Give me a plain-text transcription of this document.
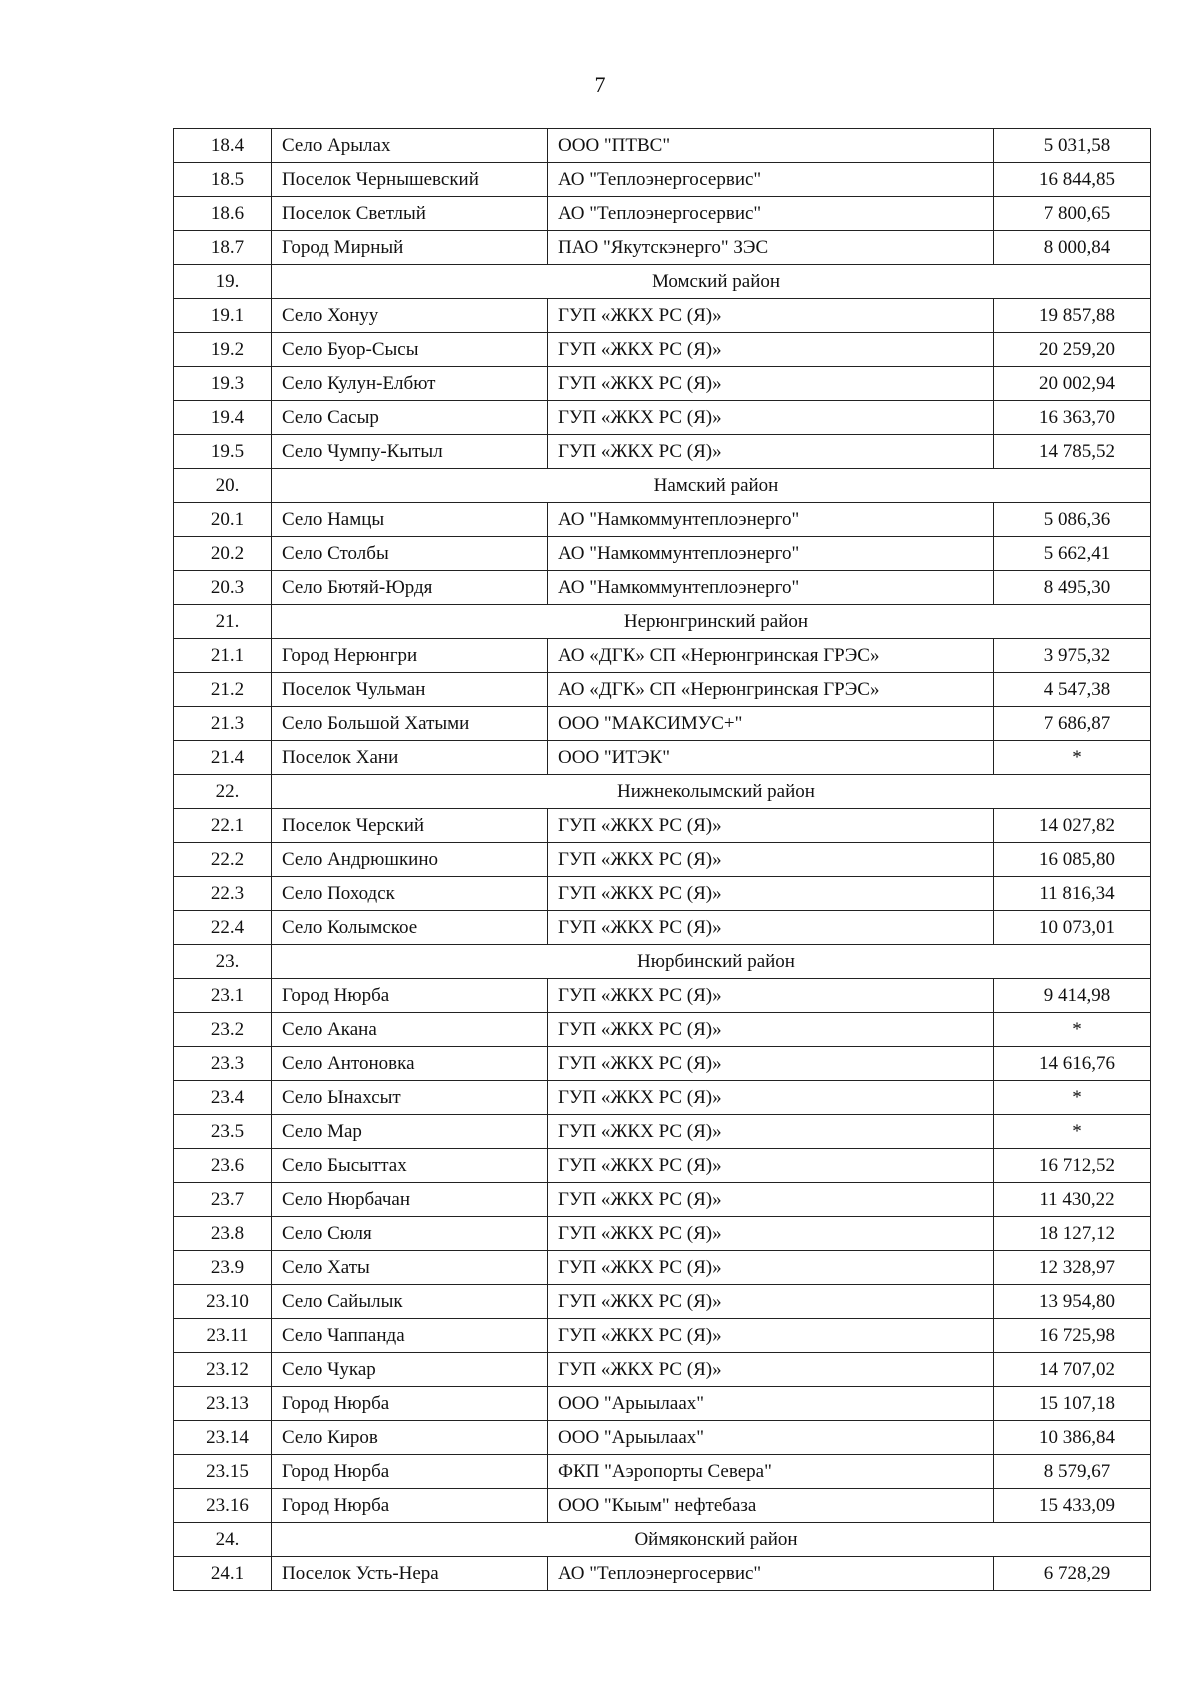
7
18.4	Село Арылах	ООО "ПТВС"	5 031,58
18.5	Поселок Чернышевский	АО "Теплоэнергосервис"	16 844,85
18.6	Поселок Светлый	АО "Теплоэнергосервис"	7 800,65
18.7	Город Мирный	ПАО "Якутскэнерго" ЗЭС	8 000,84
19.	Момский район		
19.1	Село Хонуу	ГУП «ЖКХ РС (Я)»	19 857,88
19.2	Село Буор-Сысы	ГУП «ЖКХ РС (Я)»	20 259,20
19.3	Село Кулун-Елбют	ГУП «ЖКХ РС (Я)»	20 002,94
19.4	Село Сасыр	ГУП «ЖКХ РС (Я)»	16 363,70
19.5	Село Чумпу-Кытыл	ГУП «ЖКХ РС (Я)»	14 785,52
20.	Намский район		
20.1	Село Намцы	АО "Намкоммунтеплоэнерго"	5 086,36
20.2	Село Столбы	АО "Намкоммунтеплоэнерго"	5 662,41
20.3	Село Бютяй-Юрдя	АО "Намкоммунтеплоэнерго"	8 495,30
21.	Нерюнгринский район		
21.1	Город Нерюнгри	АО «ДГК» СП «Нерюнгринская ГРЭС»	3 975,32
21.2	Поселок Чульман	АО «ДГК» СП «Нерюнгринская ГРЭС»	4 547,38
21.3	Село Большой Хатыми	ООО "МАКСИМУС+"	7 686,87
21.4	Поселок Хани	ООО "ИТЭК"	*
22.	Нижнеколымский район		
22.1	Поселок Черский	ГУП «ЖКХ РС (Я)»	14 027,82
22.2	Село Андрюшкино	ГУП «ЖКХ РС (Я)»	16 085,80
22.3	Село Походск	ГУП «ЖКХ РС (Я)»	11 816,34
22.4	Село Колымское	ГУП «ЖКХ РС (Я)»	10 073,01
23.	Нюрбинский район		
23.1	Город Нюрба	ГУП «ЖКХ РС (Я)»	9 414,98
23.2	Село Акана	ГУП «ЖКХ РС (Я)»	*
23.3	Село Антоновка	ГУП «ЖКХ РС (Я)»	14 616,76
23.4	Село Ынахсыт	ГУП «ЖКХ РС (Я)»	*
23.5	Село Мар	ГУП «ЖКХ РС (Я)»	*
23.6	Село Бысыттах	ГУП «ЖКХ РС (Я)»	16 712,52
23.7	Село Нюрбачан	ГУП «ЖКХ РС (Я)»	11 430,22
23.8	Село Сюля	ГУП «ЖКХ РС (Я)»	18 127,12
23.9	Село Хаты	ГУП «ЖКХ РС (Я)»	12 328,97
23.10	Село Сайылык	ГУП «ЖКХ РС (Я)»	13 954,80
23.11	Село Чаппанда	ГУП «ЖКХ РС (Я)»	16 725,98
23.12	Село Чукар	ГУП «ЖКХ РС (Я)»	14 707,02
23.13	Город Нюрба	ООО "Арыылаах"	15 107,18
23.14	Село Киров	ООО "Арыылаах"	10 386,84
23.15	Город Нюрба	ФКП "Аэропорты Севера"	8 579,67
23.16	Город Нюрба	ООО "Кыым" нефтебаза	15 433,09
24.	Оймяконский район		
24.1	Поселок Усть-Нера	АО "Теплоэнергосервис"	6 728,29
